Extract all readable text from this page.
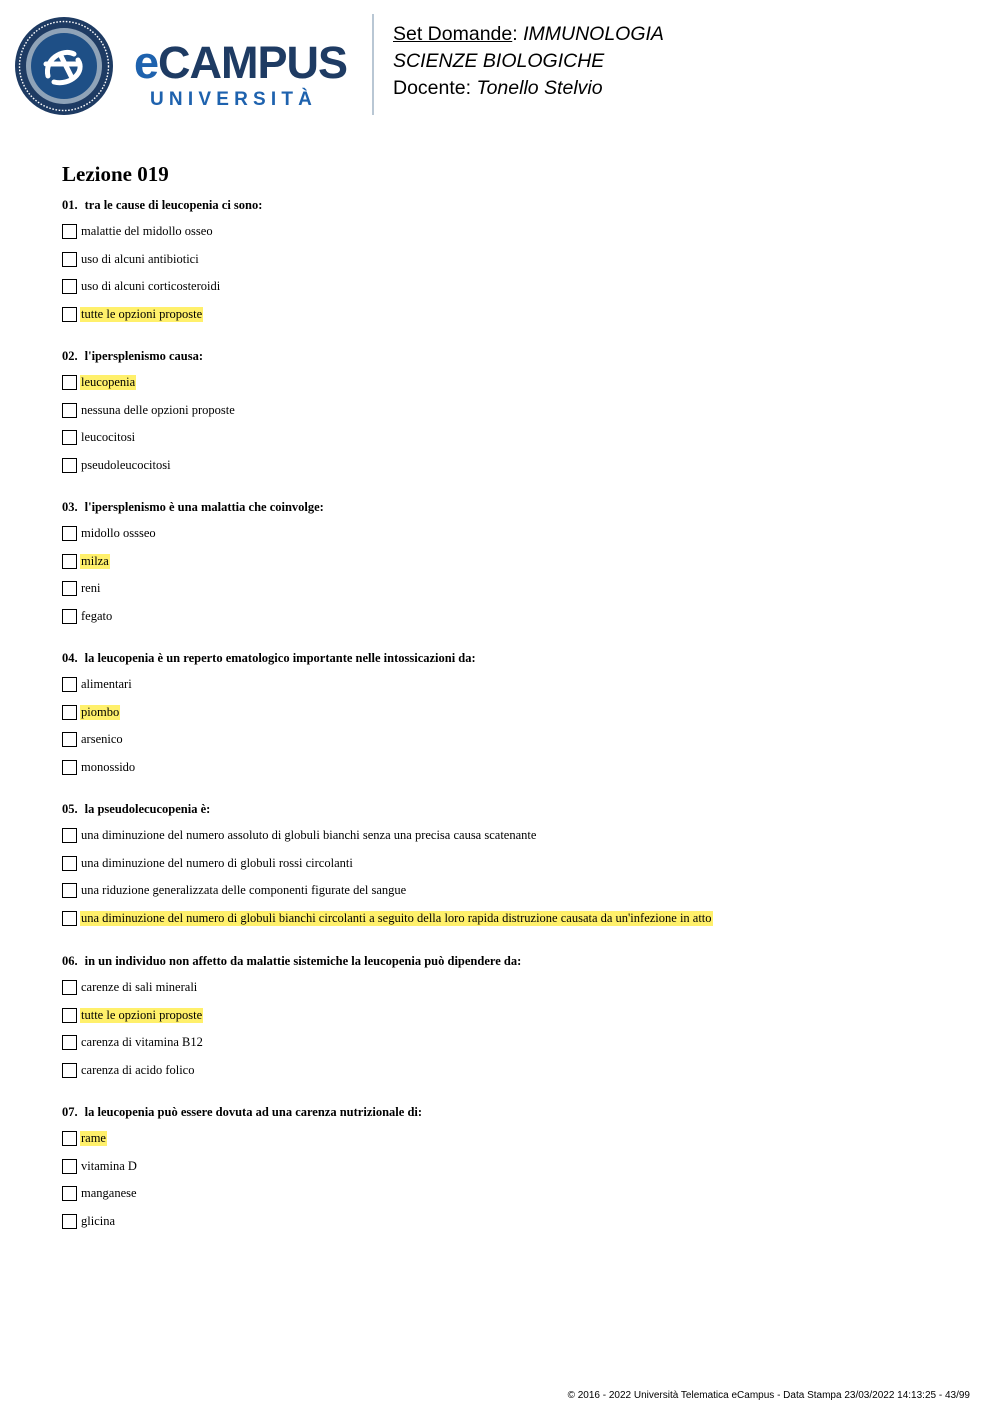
eCAMPUS
UNIVERSITÀ
Set Domande: IMMUNOLOGIA
SCIENZE BIOLOGICHE
Docente: Tonello Stelvio
Lezione 019
01. tra le cause di leucopenia ci sono:
malattie del midollo osseo
uso di alcuni antibiotici
uso di alcuni corticosteroidi
tutte le opzioni proposte
02. l'ipersplenismo causa:
leucopenia
nessuna delle opzioni proposte
leucocitosi
pseudoleucocitosi
03. l'ipersplenismo è una malattia che coinvolge:
midollo ossseo
milza
reni
fegato
04. la leucopenia è un reperto ematologico importante nelle intossicazioni da:
alimentari
piombo
arsenico
monossido
05. la pseudolecucopenia è:
una diminuzione del numero assoluto di globuli bianchi senza una precisa causa scatenante
una diminuzione del numero di globuli rossi circolanti
una riduzione generalizzata delle componenti figurate del sangue
una diminuzione del numero di globuli bianchi circolanti a seguito della loro rapida distruzione causata da un'infezione in atto
06. in un individuo non affetto da malattie sistemiche la leucopenia può dipendere da:
carenze di sali minerali
tutte le opzioni proposte
carenza di vitamina B12
carenza di acido folico
07. la leucopenia può essere dovuta ad una carenza nutrizionale di:
rame
vitamina D
manganese
glicina
© 2016 - 2022 Università Telematica eCampus - Data Stampa 23/03/2022 14:13:25 - 43/99
